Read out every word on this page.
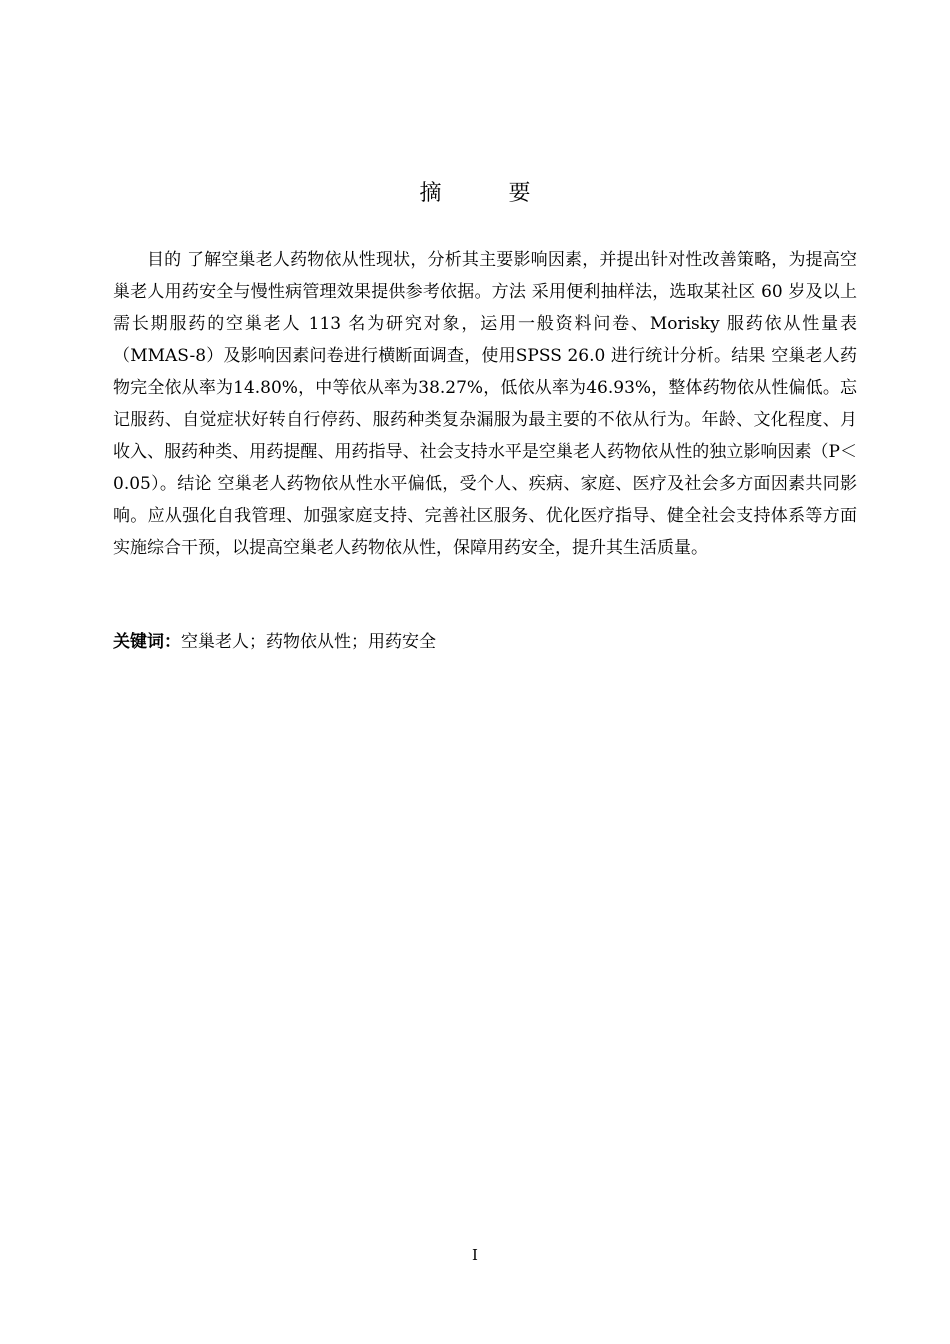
摘 要

目的 了解空巢老人药物依从性现状，分析其主要影响因素，并提出针对性改善策略，为提高空巢老人用药安全与慢性病管理效果提供参考依据。方法 采用便利抽样法，选取某社区 60 岁及以上需长期服药的空巢老人 113 名为研究对象，运用一般资料问卷、Morisky 服药依从性量表（MMAS-8）及影响因素问卷进行横断面调查，使用SPSS 26.0 进行统计分析。结果 空巢老人药物完全依从率为14.80%，中等依从率为38.27%，低依从率为46.93%，整体药物依从性偏低。忘记服药、自觉症状好转自行停药、服药种类复杂漏服为最主要的不依从行为。年龄、文化程度、月收入、服药种类、用药提醒、用药指导、社会支持水平是空巢老人药物依从性的独立影响因素（P＜0.05）。结论 空巢老人药物依从性水平偏低，受个人、疾病、家庭、医疗及社会多方面因素共同影响。应从强化自我管理、加强家庭支持、完善社区服务、优化医疗指导、健全社会支持体系等方面实施综合干预，以提高空巢老人药物依从性，保障用药安全，提升其生活质量。

关键词：空巢老人；药物依从性；用药安全

I
